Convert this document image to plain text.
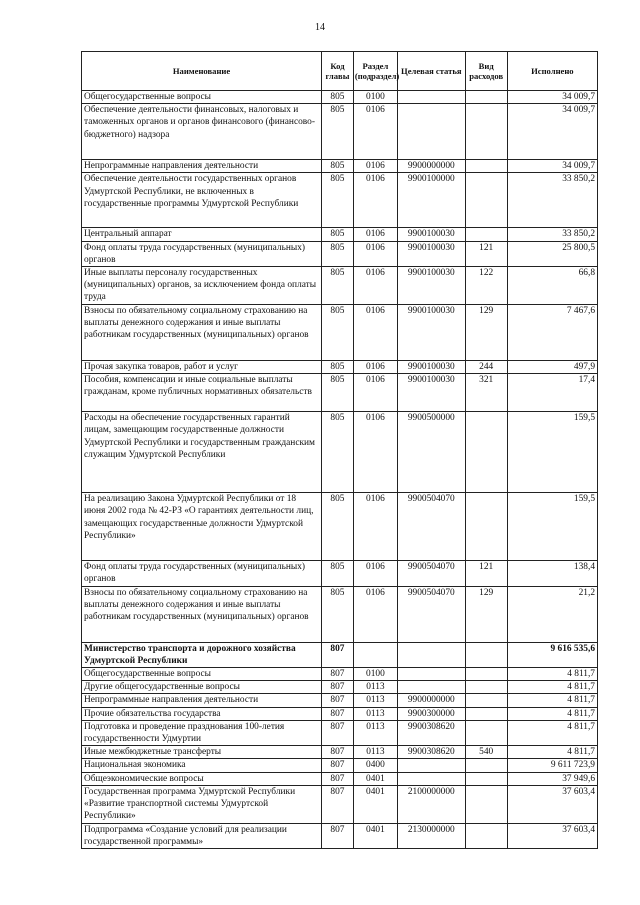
14
Наименование	Код главы	Раздел (подраздел)	Целевая статья	Вид расходов	Исполнено
Общегосударственные вопросы	805	0100			34 009,7
Обеспечение деятельности финансовых, налоговых и таможенных органов и органов финансового (финансово-бюджетного) надзора	805	0106			34 009,7
Непрограммные направления деятельности	805	0106	9900000000		34 009,7
Обеспечение деятельности государственных органов Удмуртской Республики, не включенных в государственные программы Удмуртской Республики	805	0106	9900100000		33 850,2
Центральный аппарат	805	0106	9900100030		33 850,2
Фонд оплаты труда государственных (муниципальных) органов	805	0106	9900100030	121	25 800,5
Иные выплаты персоналу государственных (муниципальных) органов, за исключением фонда оплаты труда	805	0106	9900100030	122	66,8
Взносы по обязательному социальному страхованию на выплаты денежного содержания и иные выплаты работникам государственных (муниципальных) органов	805	0106	9900100030	129	7 467,6
Прочая закупка товаров, работ и услуг	805	0106	9900100030	244	497,9
Пособия, компенсации и иные социальные выплаты гражданам, кроме публичных нормативных обязательств	805	0106	9900100030	321	17,4
Расходы на обеспечение государственных гарантий лицам, замещающим государственные должности Удмуртской Республики и государственным гражданским служащим Удмуртской Республики	805	0106	9900500000		159,5
На реализацию Закона Удмуртской Республики от 18 июня 2002 года № 42-РЗ «О гарантиях деятельности лиц, замещающих государственные должности Удмуртской Республики»	805	0106	9900504070		159,5
Фонд оплаты труда государственных (муниципальных) органов	805	0106	9900504070	121	138,4
Взносы по обязательному социальному страхованию на выплаты денежного содержания и иные выплаты работникам государственных (муниципальных) органов	805	0106	9900504070	129	21,2
Министерство транспорта и дорожного хозяйства Удмуртской Республики	807				9 616 535,6
Общегосударственные вопросы	807	0100			4 811,7
Другие общегосударственные вопросы	807	0113			4 811,7
Непрограммные направления деятельности	807	0113	9900000000		4 811,7
Прочие обязательства государства	807	0113	9900300000		4 811,7
Подготовка и проведение празднования 100-летия государственности Удмуртии	807	0113	9900308620		4 811,7
Иные межбюджетные трансферты	807	0113	9900308620	540	4 811,7
Национальная экономика	807	0400			9 611 723,9
Общеэкономические вопросы	807	0401			37 949,6
Государственная программа Удмуртской Республики «Развитие транспортной системы Удмуртской Республики»	807	0401	2100000000		37 603,4
Подпрограмма «Создание условий для реализации государственной программы»	807	0401	2130000000		37 603,4
